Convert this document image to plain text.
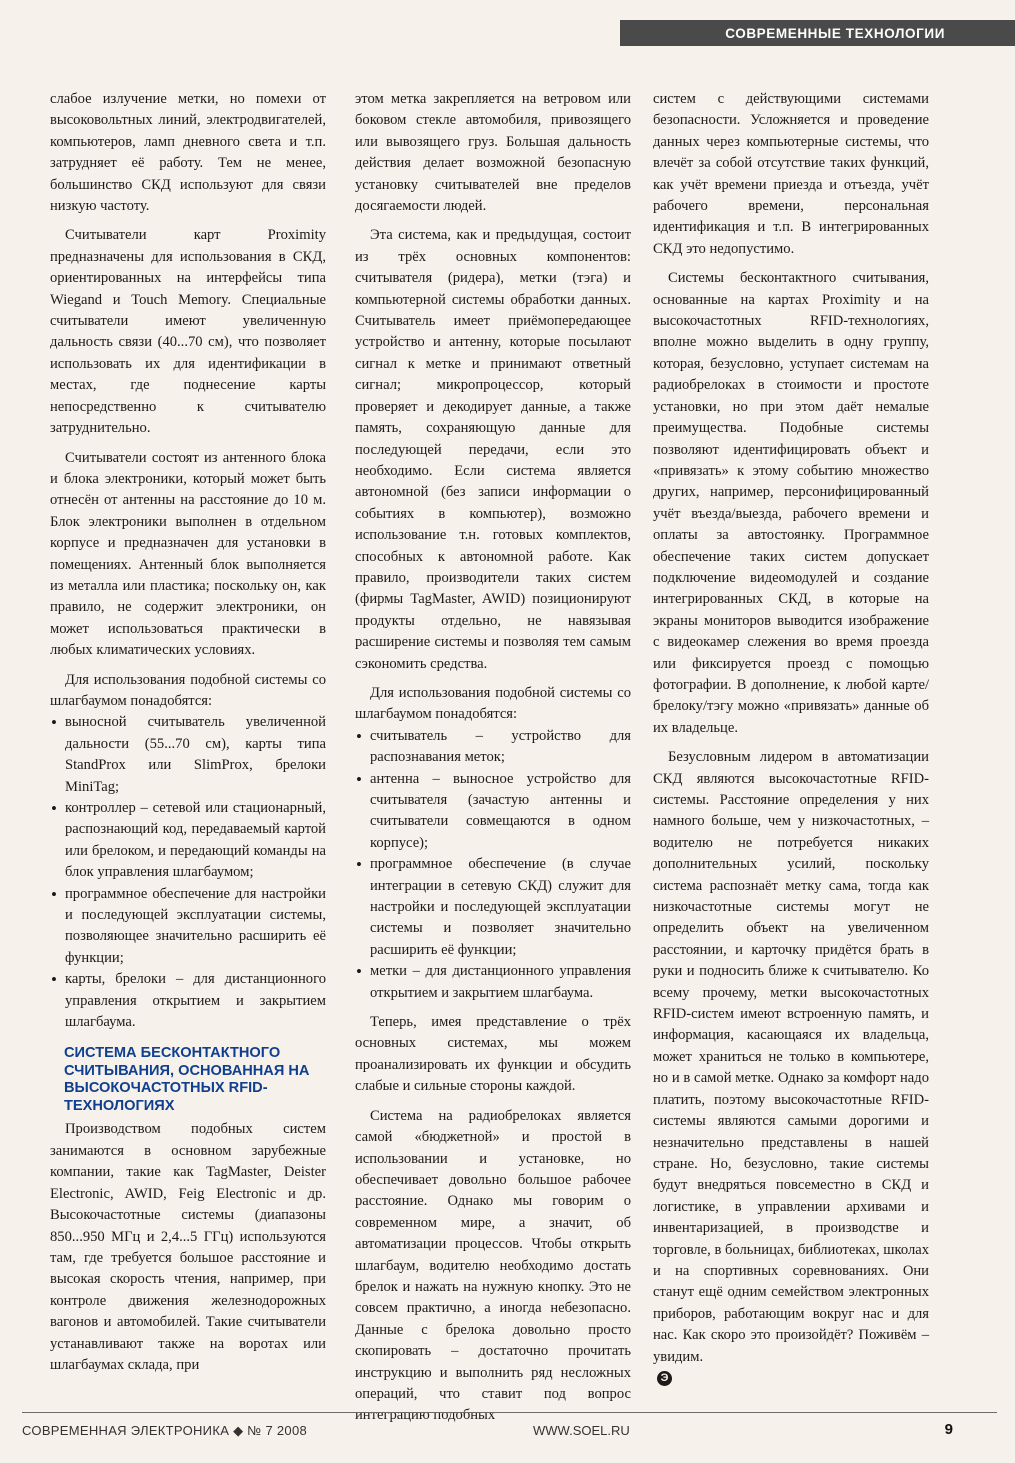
СОВРЕМЕННЫЕ ТЕХНОЛОГИИ

слабое излучение метки, но помехи от высоковольтных линий, электродвигателей, компьютеров, ламп дневного света и т.п. затрудняет её работу. Тем не менее, большинство СКД используют для связи низкую частоту.

Считыватели карт Proximity предназначены для использования в СКД, ориентированных на интерфейсы типа Wiegand и Touch Memory. Специальные считыватели имеют увеличенную дальность связи (40...70 см), что позволяет использовать их для идентификации в местах, где поднесение карты непосредственно к считывателю затруднительно.

Считыватели состоят из антенного блока и блока электроники, который может быть отнесён от антенны на расстояние до 10 м. Блок электроники выполнен в отдельном корпусе и предназначен для установки в помещениях. Антенный блок выполняется из металла или пластика; поскольку он, как правило, не содержит электроники, он может использоваться практически в любых климатических условиях.

Для использования подобной системы со шлагбаумом понадобятся:

• выносной считыватель увеличенной дальности (55...70 см), карты типа StandProx или SlimProx, брелоки MiniTag;
• контроллер – сетевой или стационарный, распознающий код, передаваемый картой или брелоком, и передающий команды на блок управления шлагбаумом;
• программное обеспечение для настройки и последующей эксплуатации системы, позволяющее значительно расширить её функции;
• карты, брелоки – для дистанционного управления открытием и закрытием шлагбаума.
СИСТЕМА БЕСКОНТАКТНОГО СЧИТЫВАНИЯ, ОСНОВАННАЯ НА ВЫСОКОЧАСТОТНЫХ RFID-ТЕХНОЛОГИЯХ

Производством подобных систем занимаются в основном зарубежные компании, такие как TagMaster, Deister Electronic, AWID, Feig Electronic и др. Высокочастотные системы (диапазоны 850...950 МГц и 2,4...5 ГГц) используются там, где требуется большое расстояние и высокая скорость чтения, например, при контроле движения железнодорожных вагонов и автомобилей. Такие считыватели устанавливают также на воротах или шлагбаумах склада, при

этом метка закрепляется на ветровом или боковом стекле автомобиля, привозящего или вывозящего груз. Большая дальность действия делает возможной безопасную установку считывателей вне пределов досягаемости людей.

Эта система, как и предыдущая, состоит из трёх основных компонентов: считывателя (ридера), метки (тэга) и компьютерной системы обработки данных. Считыватель имеет приёмопередающее устройство и антенну, которые посылают сигнал к метке и принимают ответный сигнал; микропроцессор, который проверяет и декодирует данные, а также память, сохраняющую данные для последующей передачи, если это необходимо. Если система является автономной (без записи информации о событиях в компьютер), возможно использование т.н. готовых комплектов, способных к автономной работе. Как правило, производители таких систем (фирмы TagMaster, AWID) позиционируют продукты отдельно, не навязывая расширение системы и позволяя тем самым сэкономить средства.

Для использования подобной системы со шлагбаумом понадобятся:

• считыватель – устройство для распознавания меток;
• антенна – выносное устройство для считывателя (зачастую антенны и считыватели совмещаются в одном корпусе);
• программное обеспечение (в случае интеграции в сетевую СКД) служит для настройки и последующей эксплуатации системы и позволяет значительно расширить её функции;
• метки – для дистанционного управления открытием и закрытием шлагбаума.

Теперь, имея представление о трёх основных системах, мы можем проанализировать их функции и обсудить слабые и сильные стороны каждой.

Система на радиобрелоках является самой «бюджетной» и простой в использовании и установке, но обеспечивает довольно большое рабочее расстояние. Однако мы говорим о современном мире, а значит, об автоматизации процессов. Чтобы открыть шлагбаум, водителю необходимо достать брелок и нажать на нужную кнопку. Это не совсем практично, а иногда небезопасно. Данные с брелока довольно просто скопировать – достаточно прочитать инструкцию и выполнить ряд несложных операций, что ставит под вопрос интеграцию подобных

систем с действующими системами безопасности. Усложняется и проведение данных через компьютерные системы, что влечёт за собой отсутствие таких функций, как учёт времени приезда и отъезда, учёт рабочего времени, персональная идентификация и т.п. В интегрированных СКД это недопустимо.

Системы бесконтактного считывания, основанные на картах Proximity и на высокочастотных RFID-технологиях, вполне можно выделить в одну группу, которая, безусловно, уступает системам на радиобрелоках в стоимости и простоте установки, но при этом даёт немалые преимущества. Подобные системы позволяют идентифицировать объект и «привязать» к этому событию множество других, например, персонифицированный учёт въезда/выезда, рабочего времени и оплаты за автостоянку. Программное обеспечение таких систем допускает подключение видеомодулей и создание интегрированных СКД, в которые на экраны мониторов выводится изображение с видеокамер слежения во время проезда или фиксируется проезд с помощью фотографии. В дополнение, к любой карте/брелоку/тэгу можно «привязать» данные об их владельце.

Безусловным лидером в автоматизации СКД являются высокочастотные RFID-системы. Расстояние определения у них намного больше, чем у низкочастотных, – водителю не потребуется никаких дополнительных усилий, поскольку система распознаёт метку сама, тогда как низкочастотные системы могут не определить объект на увеличенном расстоянии, и карточку придётся брать в руки и подносить ближе к считывателю. Ко всему прочему, метки высокочастотных RFID-систем имеют встроенную память, и информация, касающаяся их владельца, может храниться не только в компьютере, но и в самой метке. Однако за комфорт надо платить, поэтому высокочастотные RFID-системы являются самыми дорогими и незначительно представлены в нашей стране. Но, безусловно, такие системы будут внедряться повсеместно в СКД и логистике, в управлении архивами и инвентаризацией, в производстве и торговле, в больницах, библиотеках, школах и на спортивных соревнованиях. Они станут ещё одним семейством электронных приборов, работающим вокруг нас и для нас. Как скоро это произойдёт? Поживём – увидим.

Э
СОВРЕМЕННАЯ ЭЛЕКТРОНИКА ◆ № 7 2008	WWW.SOEL.RU	9
